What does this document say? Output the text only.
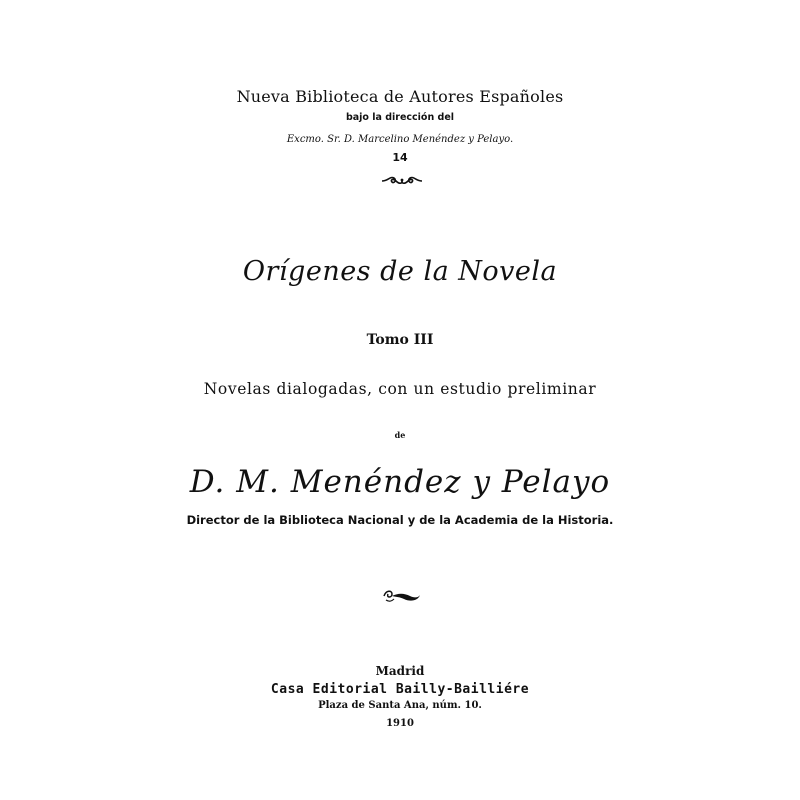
Nueva Biblioteca de Autores Españoles
bajo la dirección del
Excmo. Sr. D. Marcelino Menéndez y Pelayo.
14
Orígenes de la Novela
Tomo III
Novelas dialogadas, con un estudio preliminar
de
D. M. Menéndez y Pelayo
Director de la Biblioteca Nacional y de la Academia de la Historia.
Madrid
Casa Editorial Bailly-Bailliére
Plaza de Santa Ana, núm. 10.
1910
